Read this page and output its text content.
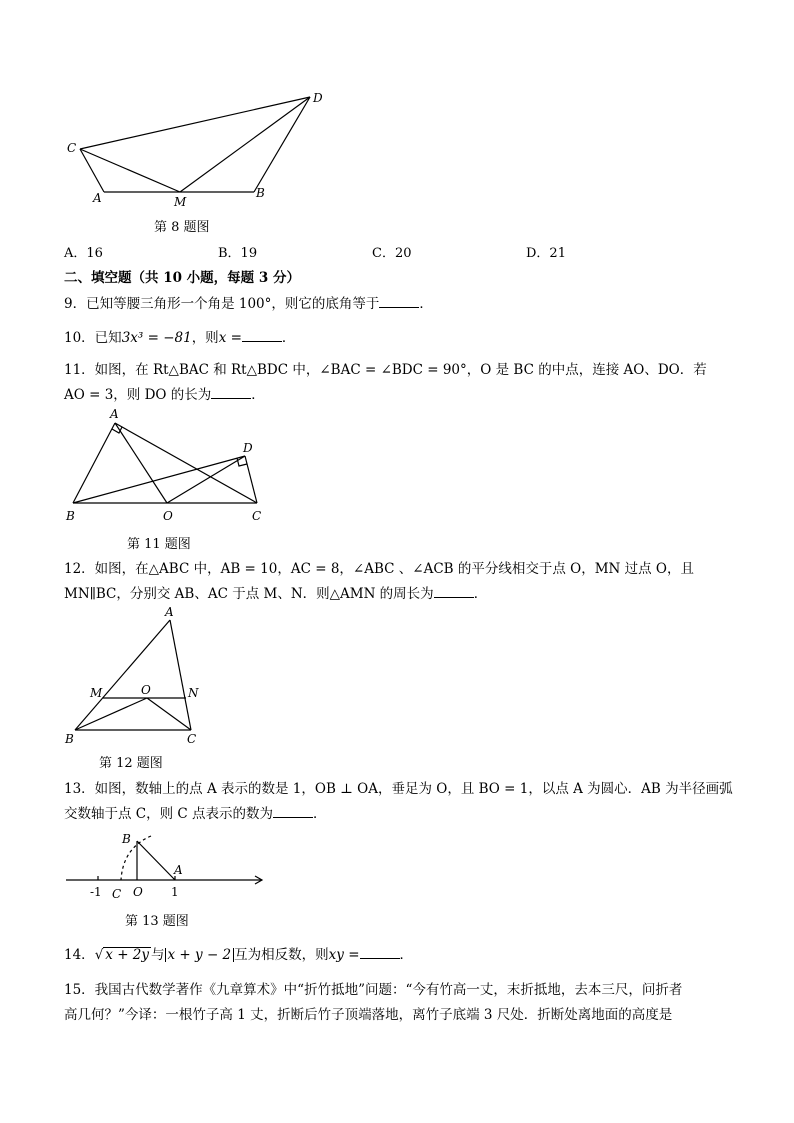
C
D
A	M
B
第 8 题图
A．16	B．19	C．20	D．21
二、填空题（共 10 小题，每题 3 分）
9．已知等腰三角形一个角是 100°，则它的底角等于	．
10．已知3x³ = −81，则x =	．
11．如图，在 Rt△BAC 和 Rt△BDC 中，∠BAC = ∠BDC = 90°，O 是 BC 的中点，连接 AO、DO．若
AO = 3，则 DO 的长为	．
A
D
B	O	C
第 11 题图
12．如图，在△ABC 中，AB = 10，AC = 8，∠ABC 、∠ACB 的平分线相交于点 O，MN 过点 O，且
MN∥BC，分别交 AB、AC 于点 M、N．则△AMN 的周长为	．
A
M	O	N
B	C
第 12 题图
13．如图，数轴上的点 A 表示的数是 1，OB ⊥ OA，垂足为 O，且 BO = 1，以点 A 为圆心．AB 为半径画弧
交数轴于点 C，则 C 点表示的数为	．
B
A
-1 C O 1
第 13 题图
14．√ x + 2y 与 x + y − 2 互为相反数，则xy =	．
15．我国古代数学著作《九章算术》中“折竹抵地”问题：“今有竹高一丈，末折抵地，去本三尺，问折者
高几何？”今译：一根竹子高 1 丈，折断后竹子顶端落地，离竹子底端 3 尺处．折断处离地面的高度是
